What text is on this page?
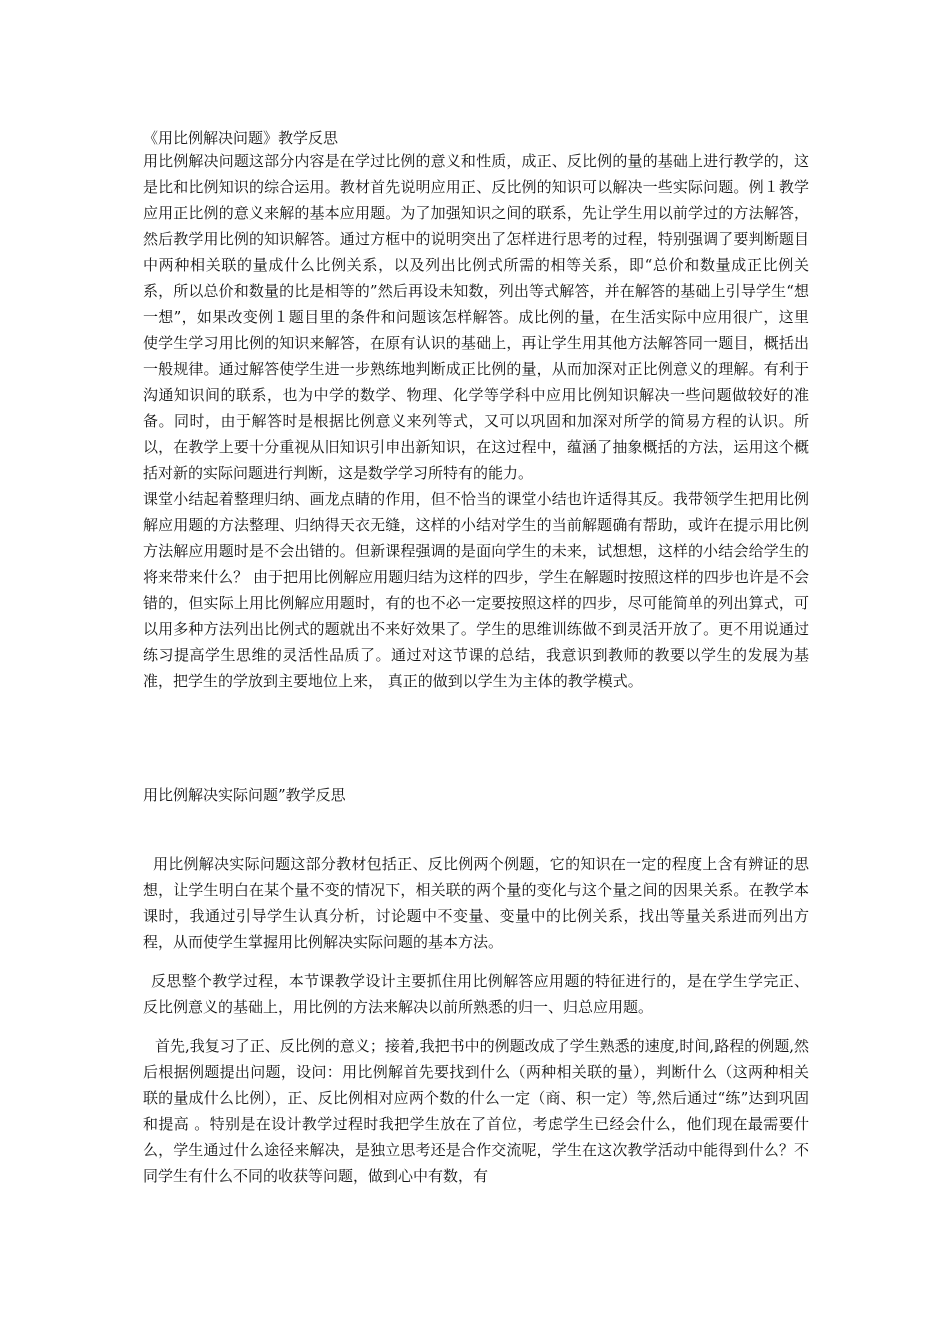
《用比例解决问题》教学反思

用比例解决问题这部分内容是在学过比例的意义和性质，成正、反比例的量的基础上进行教学的，这是比和比例知识的综合运用。教材首先说明应用正、反比例的知识可以解决一些实际问题。例１教学应用正比例的意义来解的基本应用题。为了加强知识之间的联系，先让学生用以前学过的方法解答，然后教学用比例的知识解答。通过方框中的说明突出了怎样进行思考的过程，特别强调了要判断题目中两种相关联的量成什么比例关系，以及列出比例式所需的相等关系，即“总价和数量成正比例关系，所以总价和数量的比是相等的”然后再设未知数，列出等式解答，并在解答的基础上引导学生“想一想”，如果改变例１题目里的条件和问题该怎样解答。成比例的量，在生活实际中应用很广，这里使学生学习用比例的知识来解答，在原有认识的基础上，再让学生用其他方法解答同一题目，概括出一般规律。通过解答使学生进一步熟练地判断成正比例的量，从而加深对正比例意义的理解。有利于沟通知识间的联系，也为中学的数学、物理、化学等学科中应用比例知识解决一些问题做较好的准备。同时，由于解答时是根据比例意义来列等式，又可以巩固和加深对所学的简易方程的认识。所以，在教学上要十分重视从旧知识引申出新知识，在这过程中，蕴涵了抽象概括的方法，运用这个概括对新的实际问题进行判断，这是数学学习所特有的能力。

课堂小结起着整理归纳、画龙点睛的作用，但不恰当的课堂小结也许适得其反。我带领学生把用比例解应用题的方法整理、归纳得天衣无缝，这样的小结对学生的当前解题确有帮助，或许在提示用比例方法解应用题时是不会出错的。但新课程强调的是面向学生的未来，试想想，这样的小结会给学生的将来带来什么？ 由于把用比例解应用题归结为这样的四步，学生在解题时按照这样的四步也许是不会错的，但实际上用比例解应用题时，有的也不必一定要按照这样的四步，尽可能简单的列出算式，可以用多种方法列出比例式的题就出不来好效果了。学生的思维训练做不到灵活开放了。更不用说通过练习提高学生思维的灵活性品质了。通过对这节课的总结，我意识到教师的教要以学生的发展为基准，把学生的学放到主要地位上来， 真正的做到以学生为主体的教学模式。

用比例解决实际问题”教学反思

用比例解决实际问题这部分教材包括正、反比例两个例题，它的知识在一定的程度上含有辨证的思想，让学生明白在某个量不变的情况下，相关联的两个量的变化与这个量之间的因果关系。在教学本课时，我通过引导学生认真分析，讨论题中不变量、变量中的比例关系，找出等量关系进而列出方程，从而使学生掌握用比例解决实际问题的基本方法。

反思整个教学过程，本节课教学设计主要抓住用比例解答应用题的特征进行的，是在学生学完正、反比例意义的基础上，用比例的方法来解决以前所熟悉的归一、归总应用题。

首先,我复习了正、反比例的意义；接着,我把书中的例题改成了学生熟悉的速度,时间,路程的例题,然后根据例题提出问题，设问：用比例解首先要找到什么（两种相关联的量），判断什么（这两种相关联的量成什么比例），正、反比例相对应两个数的什么一定（商、积一定）等,然后通过“练”达到巩固和提高 。特别是在设计教学过程时我把学生放在了首位，考虑学生已经会什么，他们现在最需要什么，学生通过什么途径来解决，是独立思考还是合作交流呢，学生在这次教学活动中能得到什么？不同学生有什么不同的收获等问题，做到心中有数，有
